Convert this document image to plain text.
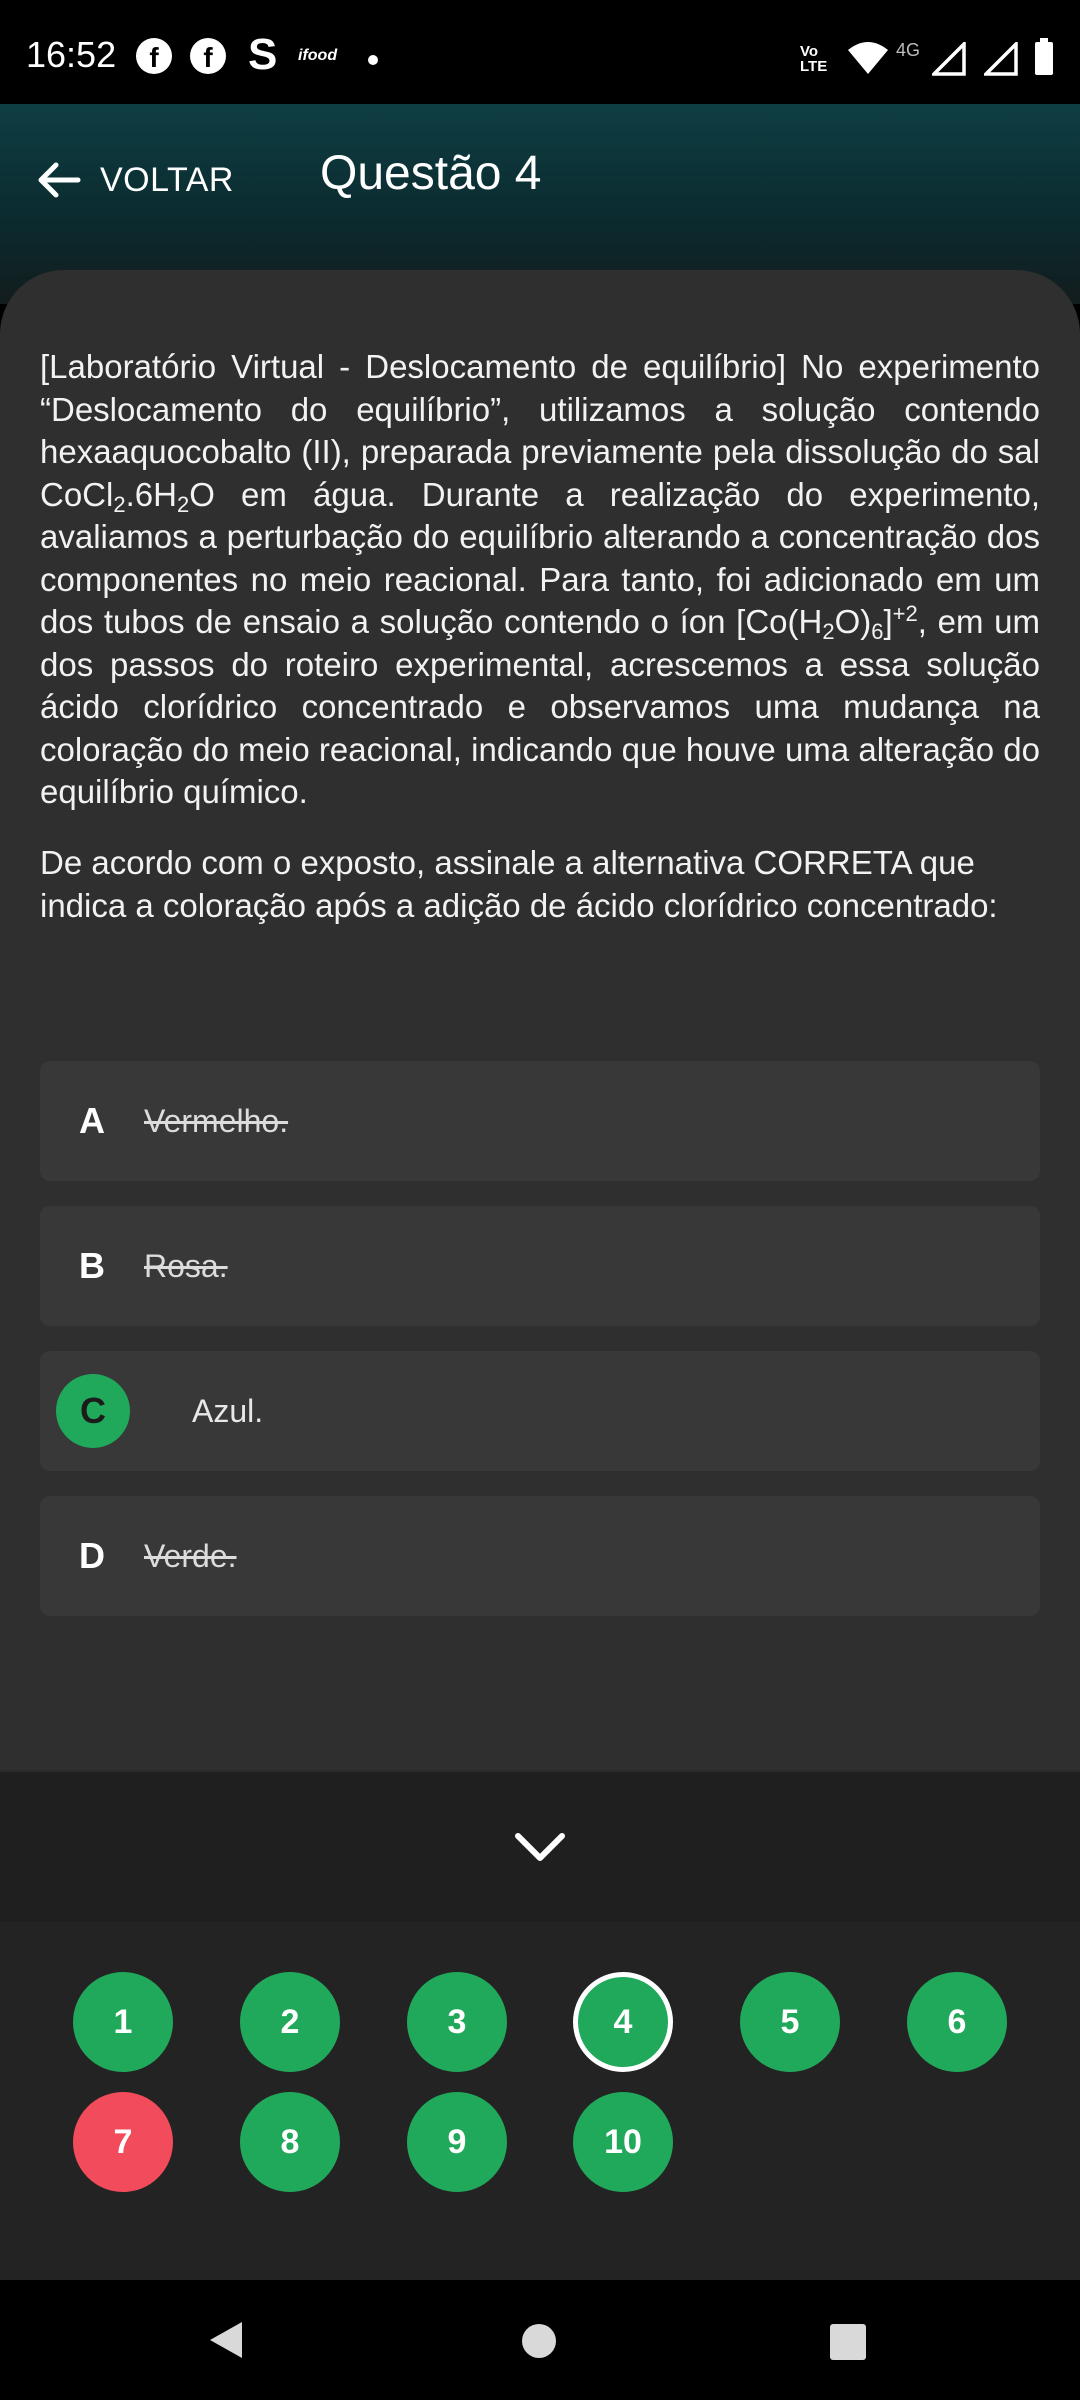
16:52	f	f S ifood	Vo LTE
4G
VOLTAR Questão 4

[Laboratório Virtual - Deslocamento de equilíbrio] No experimento “Deslocamento do equilíbrio”, utilizamos a solução contendo hexaaquocobalto (II), preparada previamente pela dissolução do sal $CoCl_2.6H_2O$ em água. Durante a realização do experimento, avaliamos a perturbação do equilíbrio alterando a concentração dos componentes no meio reacional. Para tanto, foi adicionado em um dos tubos de ensaio a solução contendo o íon $[Co(H_2O)_6]^{+2}$, em um dos passos do roteiro experimental, acrescemos a essa solução ácido clorídrico concentrado e observamos uma mudança na coloração do meio reacional, indicando que houve uma alteração do equilíbrio químico.

De acordo com o exposto, assinale a alternativa CORRETA que indica a coloração após a adição de ácido clorídrico concentrado:

A	Vermelho.
B	Rosa.
C	Azul.
D	Verde.
1	2	3	4	5	6
7	8	9	10
